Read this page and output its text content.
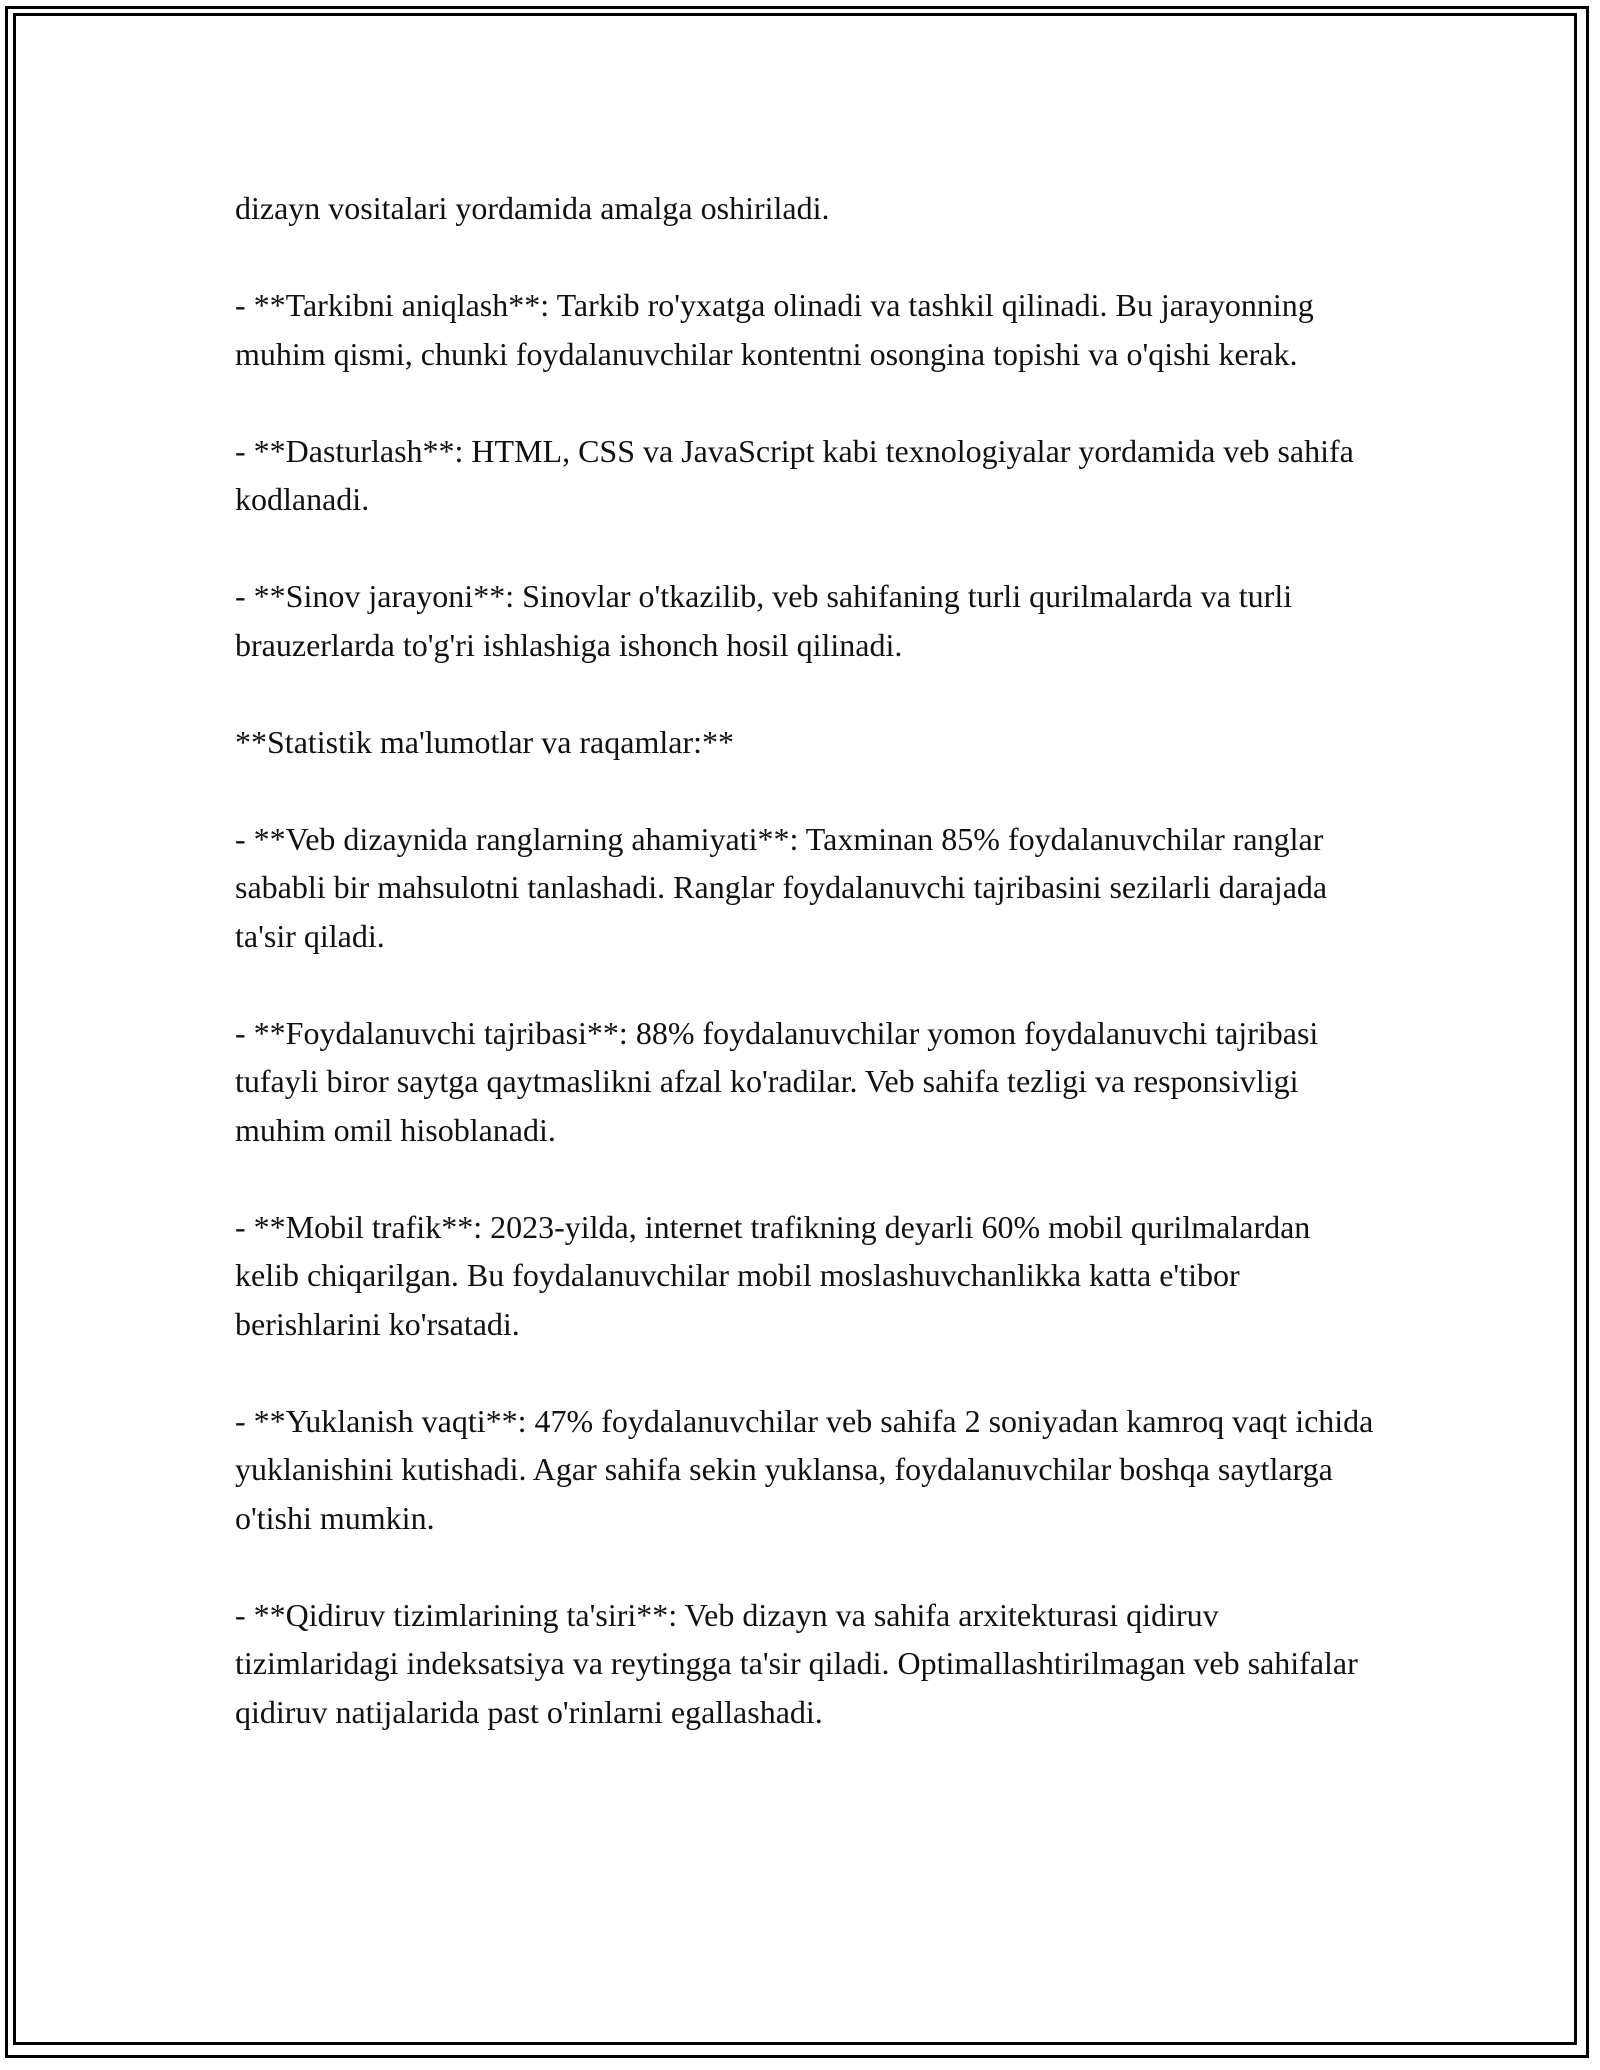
dizayn vositalari yordamida amalga oshiriladi.

- **Tarkibni aniqlash**: Tarkib ro'yxatga olinadi va tashkil qilinadi. Bu jarayonning muhim qismi, chunki foydalanuvchilar kontentni osongina topishi va o'qishi kerak.

- **Dasturlash**: HTML, CSS va JavaScript kabi texnologiyalar yordamida veb sahifa kodlanadi.

- **Sinov jarayoni**: Sinovlar o'tkazilib, veb sahifaning turli qurilmalarda va turli brauzerlarda to'g'ri ishlashiga ishonch hosil qilinadi.

**Statistik ma'lumotlar va raqamlar:**

- **Veb dizaynida ranglarning ahamiyati**: Taxminan 85% foydalanuvchilar ranglar sababli bir mahsulotni tanlashadi. Ranglar foydalanuvchi tajribasini sezilarli darajada ta'sir qiladi.

- **Foydalanuvchi tajribasi**: 88% foydalanuvchilar yomon foydalanuvchi tajribasi tufayli biror saytga qaytmaslikni afzal ko'radilar. Veb sahifa tezligi va responsivligi muhim omil hisoblanadi.

- **Mobil trafik**: 2023-yilda, internet trafikning deyarli 60% mobil qurilmalardan kelib chiqarilgan. Bu foydalanuvchilar mobil moslashuvchanlikka katta e'tibor berishlarini ko'rsatadi.

- **Yuklanish vaqti**: 47% foydalanuvchilar veb sahifa 2 soniyadan kamroq vaqt ichida yuklanishini kutishadi. Agar sahifa sekin yuklansa, foydalanuvchilar boshqa saytlarga o'tishi mumkin.

- **Qidiruv tizimlarining ta'siri**: Veb dizayn va sahifa arxitekturasi qidiruv tizimlaridagi indeksatsiya va reytingga ta'sir qiladi. Optimallashtirilmagan veb sahifalar qidiruv natijalarida past o'rinlarni egallashadi.
